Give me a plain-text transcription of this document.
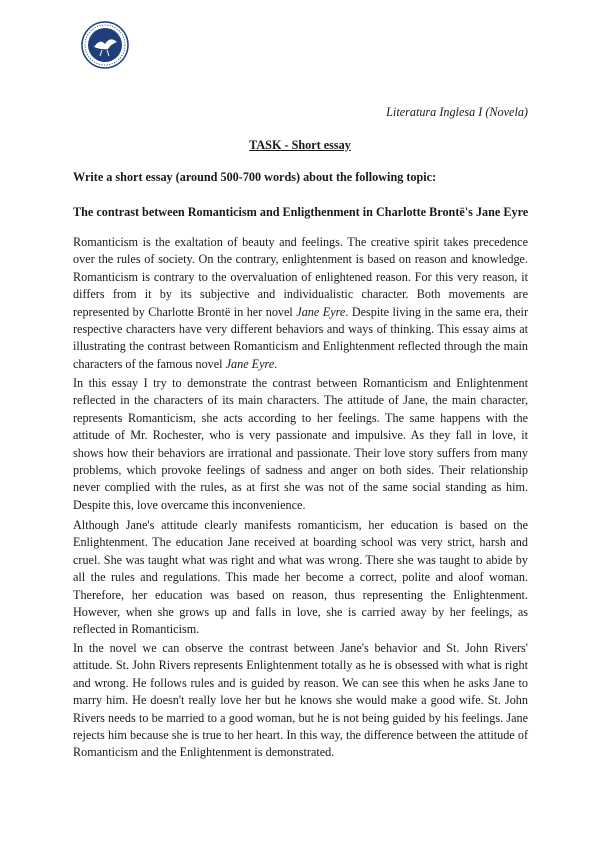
Literatura Inglesa I (Novela)
TASK - Short essay
Write a short essay (around 500-700 words) about the following topic:
The contrast between Romanticism and Enligthenment in Charlotte Brontë's Jane Eyre

Romanticism is the exaltation of beauty and feelings. The creative spirit takes precedence over the rules of society. On the contrary, enlightenment is based on reason and knowledge. Romanticism is contrary to the overvaluation of enlightened reason. For this very reason, it differs from it by its subjective and individualistic character. Both movements are represented by Charlotte Brontë in her novel Jane Eyre. Despite living in the same era, their respective characters have very different behaviors and ways of thinking. This essay aims at illustrating the contrast between Romanticism and Enlightenment reflected through the main characters of the famous novel Jane Eyre.

In this essay I try to demonstrate the contrast between Romanticism and Enlightenment reflected in the characters of its main characters. The attitude of Jane, the main character, represents Romanticism, she acts according to her feelings. The same happens with the attitude of Mr. Rochester, who is very passionate and impulsive. As they fall in love, it shows how their behaviors are irrational and passionate. Their love story suffers from many problems, which provoke feelings of sadness and anger on both sides. Their relationship never complied with the rules, as at first she was not of the same social standing as him. Despite this, love overcame this inconvenience.

Although Jane's attitude clearly manifests romanticism, her education is based on the Enlightenment. The education Jane received at boarding school was very strict, harsh and cruel. She was taught what was right and what was wrong. There she was taught to abide by all the rules and regulations. This made her become a correct, polite and aloof woman. Therefore, her education was based on reason, thus representing the Enlightenment. However, when she grows up and falls in love, she is carried away by her feelings, as reflected in Romanticism.

In the novel we can observe the contrast between Jane's behavior and St. John Rivers' attitude. St. John Rivers represents Enlightenment totally as he is obsessed with what is right and wrong. He follows rules and is guided by reason. We can see this when he asks Jane to marry him. He doesn't really love her but he knows she would make a good wife. St. John Rivers needs to be married to a good woman, but he is not being guided by his feelings. Jane rejects him because she is true to her heart. In this way, the difference between the attitude of Romanticism and the Enlightenment is demonstrated.
